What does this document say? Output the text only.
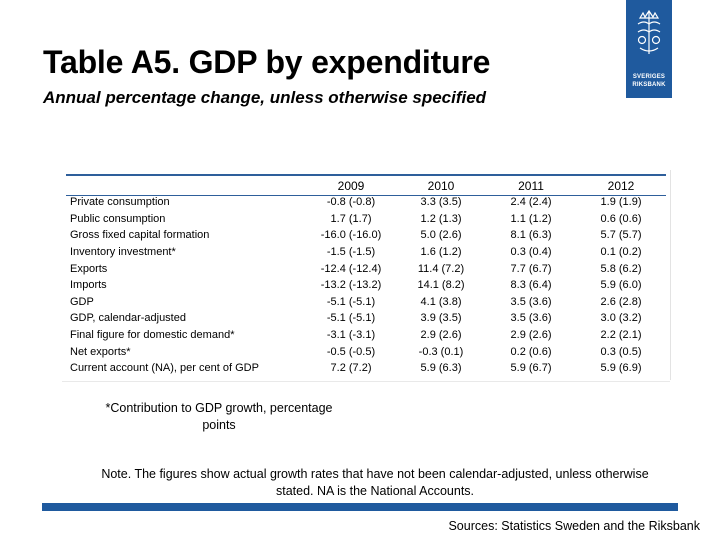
SVERIGES
RIKSBANK
Table A5. GDP by expenditure
Annual percentage change, unless otherwise specified
	2009	2010	2011	2012
Private consumption	-0.8 (-0.8)	3.3 (3.5)	2.4 (2.4)	1.9 (1.9)
Public consumption	1.7 (1.7)	1.2 (1.3)	1.1 (1.2)	0.6 (0.6)
Gross fixed capital formation	-16.0 (-16.0)	5.0 (2.6)	8.1 (6.3)	5.7 (5.7)
Inventory investment*	-1.5 (-1.5)	1.6 (1.2)	0.3 (0.4)	0.1 (0.2)
Exports	-12.4 (-12.4)	11.4 (7.2)	7.7 (6.7)	5.8 (6.2)
Imports	-13.2 (-13.2)	14.1 (8.2)	8.3 (6.4)	5.9 (6.0)
GDP	-5.1 (-5.1)	4.1 (3.8)	3.5 (3.6)	2.6 (2.8)
GDP, calendar-adjusted	-5.1 (-5.1)	3.9 (3.5)	3.5 (3.6)	3.0 (3.2)
Final figure for domestic demand*	-3.1 (-3.1)	2.9 (2.6)	2.9 (2.6)	2.2 (2.1)
Net exports*	-0.5 (-0.5)	-0.3 (0.1)	0.2 (0.6)	0.3 (0.5)
Current account (NA), per cent of GDP	7.2 (7.2)	5.9 (6.3)	5.9 (6.7)	5.9 (6.9)
*Contribution to GDP growth, percentage points
Note. The figures show actual growth rates that have not been calendar-adjusted, unless otherwise stated. NA is the National Accounts.
Sources: Statistics Sweden and the Riksbank
